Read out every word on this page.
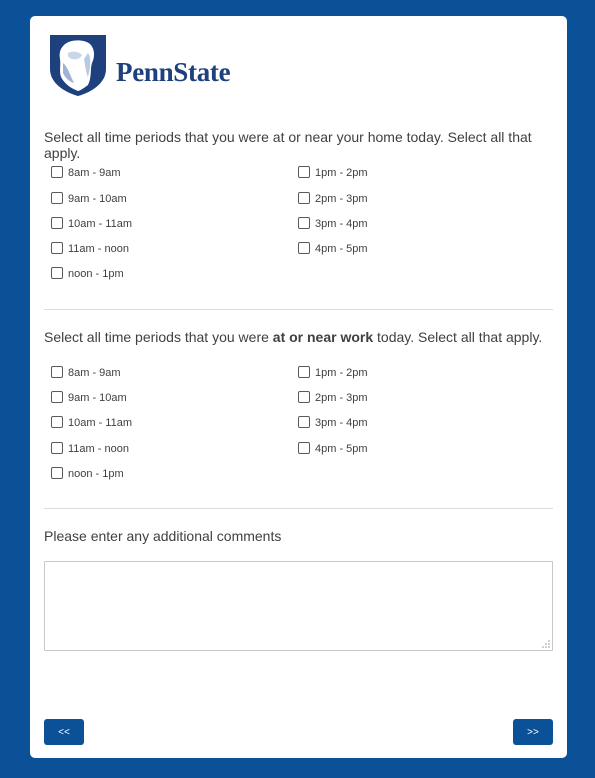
PennState
Select all time periods that you were at or near your home today. Select all that apply.
8am - 9am
9am - 10am
10am - 11am
11am - noon
noon - 1pm
1pm - 2pm
2pm - 3pm
3pm - 4pm
4pm - 5pm
Select all time periods that you were at or near work today. Select all that apply.
8am - 9am
9am - 10am
10am - 11am
11am - noon
noon - 1pm
1pm - 2pm
2pm - 3pm
3pm - 4pm
4pm - 5pm
Please enter any additional comments
<<	>>
